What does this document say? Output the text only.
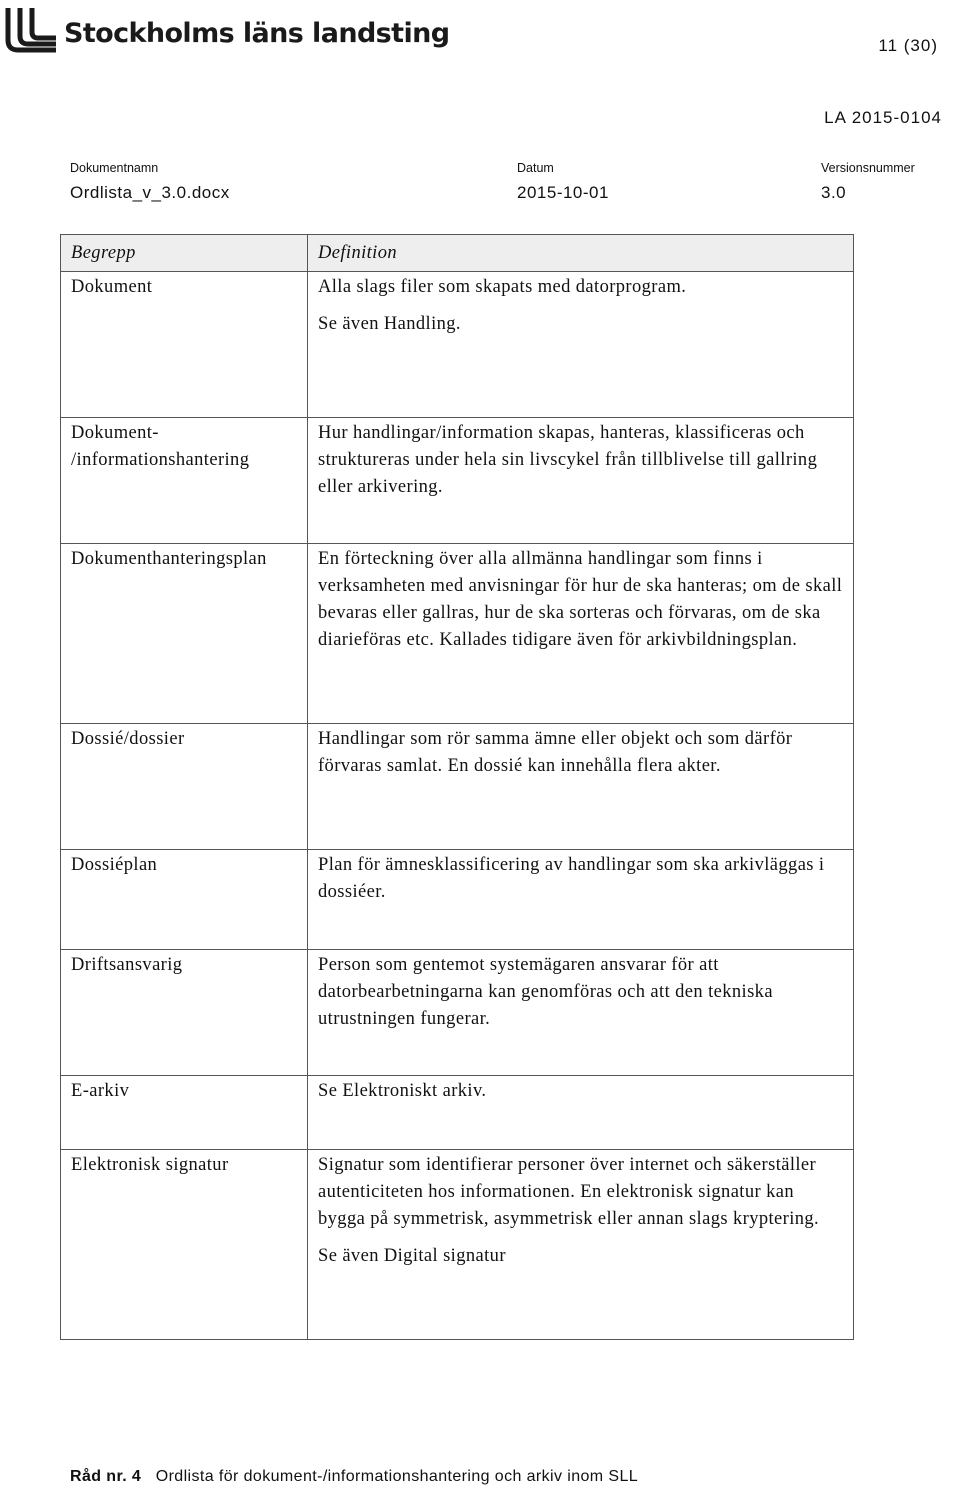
Stockholms läns landsting	11 (30)
LA 2015-0104
Dokumentnamn
Ordlista_v_3.0.docx
Datum
2015-10-01
Versionsnummer
3.0
Begrepp	Definition
Dokument	Alla slags filer som skapats med datorprogram.

Se även Handling.

Dokument-
/informationshantering	Hur handlingar/information skapas, hanteras, klassificeras och struktureras under hela sin livscykel från tillblivelse till gallring eller arkivering.

Dokumenthanteringsplan	En förteckning över alla allmänna handlingar som finns i verksamheten med anvisningar för hur de ska hanteras; om de skall bevaras eller gallras, hur de ska sorteras och förvaras, om de ska diarieföras etc. Kallades tidigare även för arkivbildningsplan.

Dossié/dossier	Handlingar som rör samma ämne eller objekt och som därför förvaras samlat. En dossié kan innehålla flera akter.

Dossiéplan	Plan för ämnesklassificering av handlingar som ska arkivläggas i dossiéer.

Driftsansvarig	Person som gentemot systemägaren ansvarar för att datorbearbetningarna kan genomföras och att den tekniska utrustningen fungerar.

E-arkiv	Se Elektroniskt arkiv.

Elektronisk signatur	Signatur som identifierar personer över internet och säkerställer autenticiteten hos informationen. En elektronisk signatur kan bygga på symmetrisk, asymmetrisk eller annan slags kryptering.

Se även Digital signatur

Råd nr. 4 Ordlista för dokument-/informationshantering och arkiv inom SLL
